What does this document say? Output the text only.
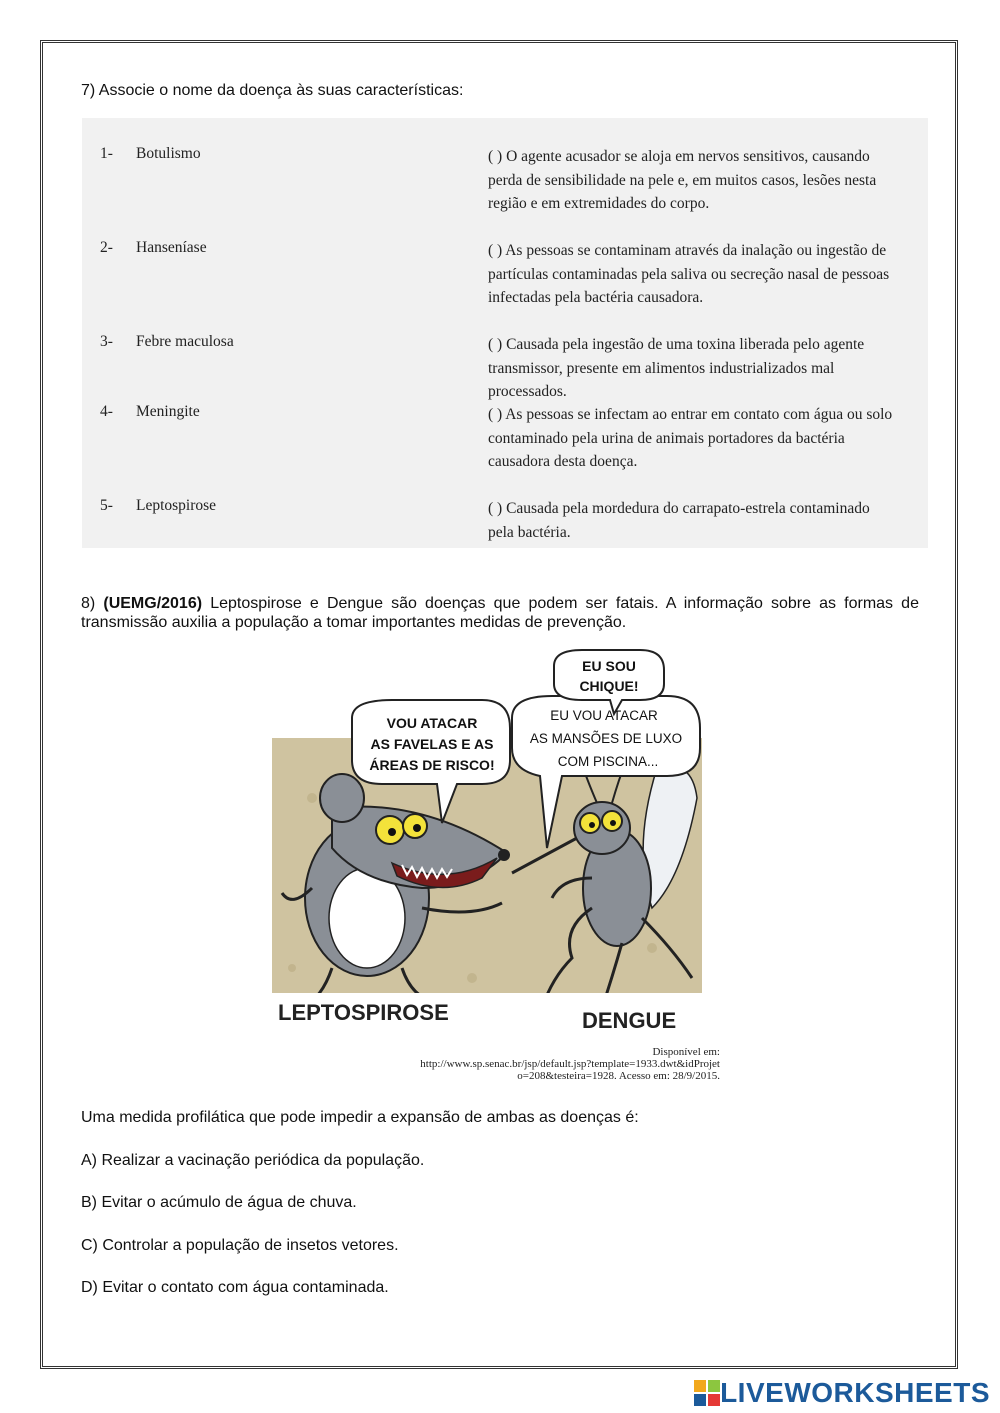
7) Associe o nome da doença às suas características:
1- Botulismo	( ) O agente acusador se aloja em nervos sensitivos, causando perda de sensibilidade na pele e, em muitos casos, lesões nesta região e em extremidades do corpo.
2- Hanseníase	( ) As pessoas se contaminam através da inalação ou ingestão de partículas contaminadas pela saliva ou secreção nasal de pessoas infectadas pela bactéria causadora.
3- Febre maculosa	( ) Causada pela ingestão de uma toxina liberada pelo agente transmissor, presente em alimentos industrializados mal processados.
4- Meningite	( ) As pessoas se infectam ao entrar em contato com água ou solo contaminado pela urina de animais portadores da bactéria causadora desta doença.
5- Leptospirose	( ) Causada pela mordedura do carrapato-estrela contaminado pela bactéria.
8) (UEMG/2016) Leptospirose e Dengue são doenças que podem ser fatais. A informação sobre as formas de transmissão auxilia a população a tomar importantes medidas de prevenção.
VOU ATACAR
AS FAVELAS E AS
ÁREAS DE RISCO!
EU VOU ATACAR
AS MANSÕES DE LUXO
COM PISCINA...
EU SOU
CHIQUE!
LEPTOSPIROSE	DENGUE
Disponível em:
http://www.sp.senac.br/jsp/default.jsp?template=1933.dwt&idProjet
o=208&testeira=1928. Acesso em: 28/9/2015.
Uma medida profilática que pode impedir a expansão de ambas as doenças é:
A) Realizar a vacinação periódica da população.
B) Evitar o acúmulo de água de chuva.
C) Controlar a população de insetos vetores.
D) Evitar o contato com água contaminada.
LIVEWORKSHEETS
